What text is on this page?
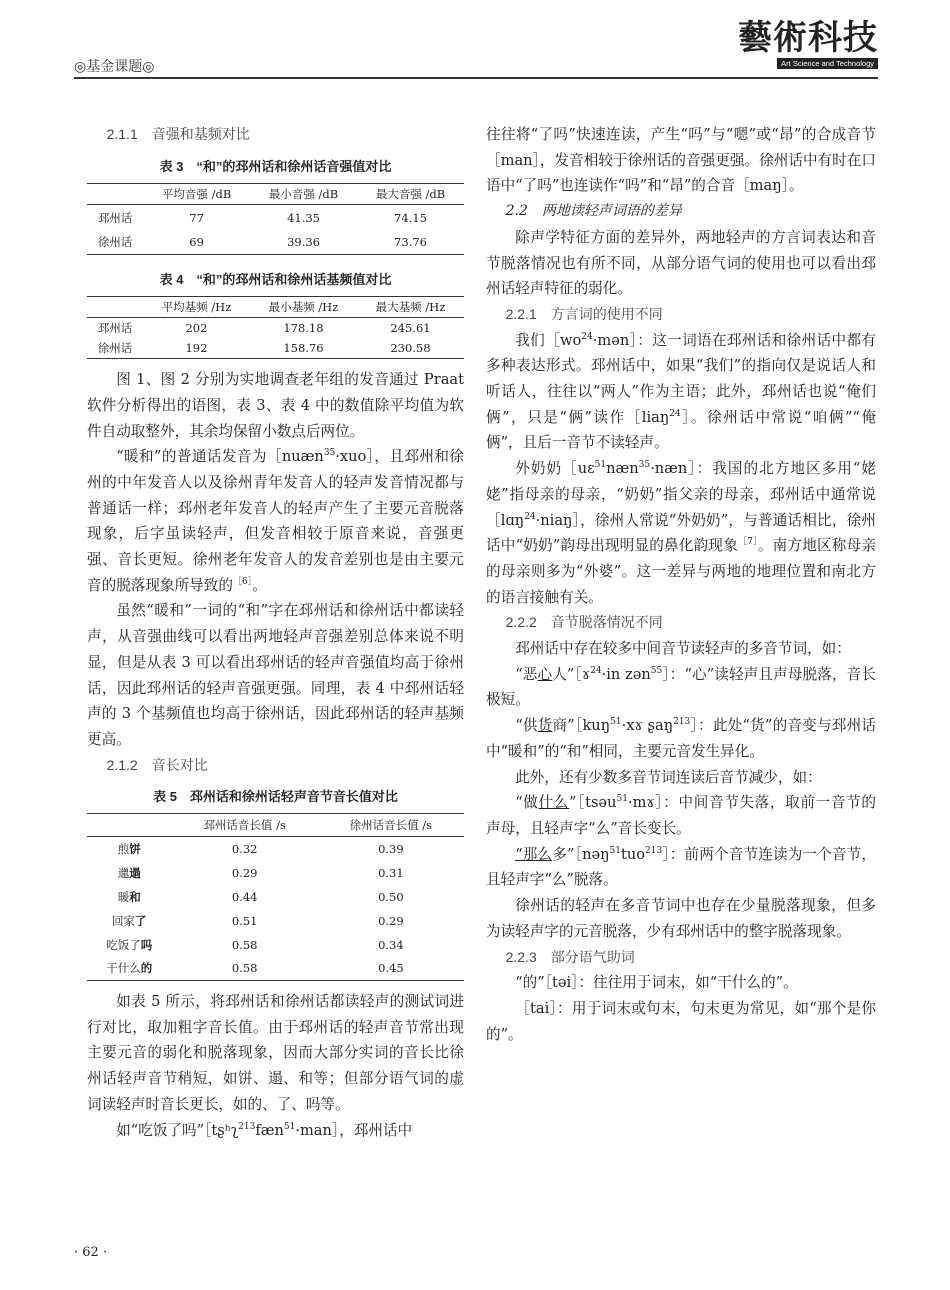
◎基金课题◎
藝術科技
Art Science and Technology
2.1.1　音强和基频对比
表 3　“和”的邳州话和徐州话音强值对比
	平均音强 /dB	最小音强 /dB	最大音强 /dB
邳州话	77	41.35	74.15
徐州话	69	39.36	73.76
表 4　“和”的邳州话和徐州话基频值对比
	平均基频 /Hz	最小基频 /Hz	最大基频 /Hz
邳州话	202	178.18	245.61
徐州话	192	158.76	230.58

图 1、图 2 分别为实地调查老年组的发音通过 Praat 软件分析得出的语图，表 3、表 4 中的数值除平均值为软件自动取整外，其余均保留小数点后两位。

“暖和”的普通话发音为［nuæn$^{35}$·xuo］，且邳州和徐州的中年发音人以及徐州青年发音人的轻声发音情况都与普通话一样；邳州老年发音人的轻声产生了主要元音脱落现象，后字虽读轻声，但发音相较于原音来说，音强更强、音长更短。徐州老年发音人的发音差别也是由主要元音的脱落现象所导致的$^{[6]}$。

虽然“暖和”一词的“和”字在邳州话和徐州话中都读轻声，从音强曲线可以看出两地轻声音强差别总体来说不明显，但是从表 3 可以看出邳州话的轻声音强值均高于徐州话，因此邳州话的轻声音强更强。同理，表 4 中邳州话轻声的 3 个基频值也均高于徐州话，因此邳州话的轻声基频更高。

2.1.2　音长对比
表 5　邳州话和徐州话轻声音节音长值对比
	邳州话音长值 /s	徐州话音长值 /s
煎饼	0.32	0.39
邋遢	0.29	0.31
暖和	0.44	0.50
回家了	0.51	0.29
吃饭了吗	0.58	0.34
干什么的	0.58	0.45

如表 5 所示，将邳州话和徐州话都读轻声的测试词进行对比，取加粗字音长值。由于邳州话的轻声音节常出现主要元音的弱化和脱落现象，因而大部分实词的音长比徐州话轻声音节稍短，如饼、遢、和等；但部分语气词的虚词读轻声时音长更长，如的、了、吗等。

如“吃饭了吗”［tʂʰʅ$^{213}$fæn$^{51}$·man］，邳州话中

往往将“了吗”快速连读，产生“吗”与“嗯”或“昂”的合成音节［man］，发音相较于徐州话的音强更强。徐州话中有时在口语中“了吗”也连读作“吗”和“昂”的合音［maŋ］。

2.2　两地读轻声词语的差异

除声学特征方面的差异外，两地轻声的方言词表达和音节脱落情况也有所不同，从部分语气词的使用也可以看出邳州话轻声特征的弱化。

2.2.1　方言词的使用不同

我们$[wo^{24}\cdot mən]$：这一词语在邳州话和徐州话中都有多种表达形式。邳州话中，如果“我们”的指向仅是说话人和听话人，往往以“两人”作为主语；此外，邳州话也说“俺们俩”，只是“俩”读作［liaŋ$^{24}$］。徐州话中常说“咱俩”“俺俩”，且后一音节不读轻声。

外奶奶［uɛ$^{51}$næn$^{35}$·næn］：我国的北方地区多用“姥姥”指母亲的母亲，“奶奶”指父亲的母亲，邳州话中通常说［lɑŋ$^{24}$·niaŋ］，徐州人常说“外奶奶”，与普通话相比，徐州话中“奶奶”韵母出现明显的鼻化韵现象$^{[7]}$。南方地区称母亲的母亲则多为“外婆”。这一差异与两地的地理位置和南北方的语言接触有关。

2.2.2　音节脱落情况不同

邳州话中存在较多中间音节读轻声的多音节词，如：

“恶心人”［ɤ$^{24}$·in zən$^{55}$］：“心”读轻声且声母脱落，音长极短。

“供货商”［kuŋ$^{51}$·xɤ ʂaŋ$^{213}$］：此处“货”的音变与邳州话中“暖和”的“和”相同，主要元音发生异化。

此外，还有少数多音节词连读后音节减少，如：

“做什么”［tsəu$^{51}$·mɤ］：中间音节失落，取前一音节的声母，且轻声字“么”音长变长。

“那么多”［nəŋ$^{51}$tuo$^{213}$］：前两个音节连读为一个音节，且轻声字“么”脱落。

徐州话的轻声在多音节词中也存在少量脱落现象，但多为读轻声字的元音脱落，少有邳州话中的整字脱落现象。

2.2.3　部分语气助词

“的”［təi］：往往用于词末，如“干什么的”。

［tai］：用于词末或句末，句末更为常见，如“那个是你的”。

· 62 ·
